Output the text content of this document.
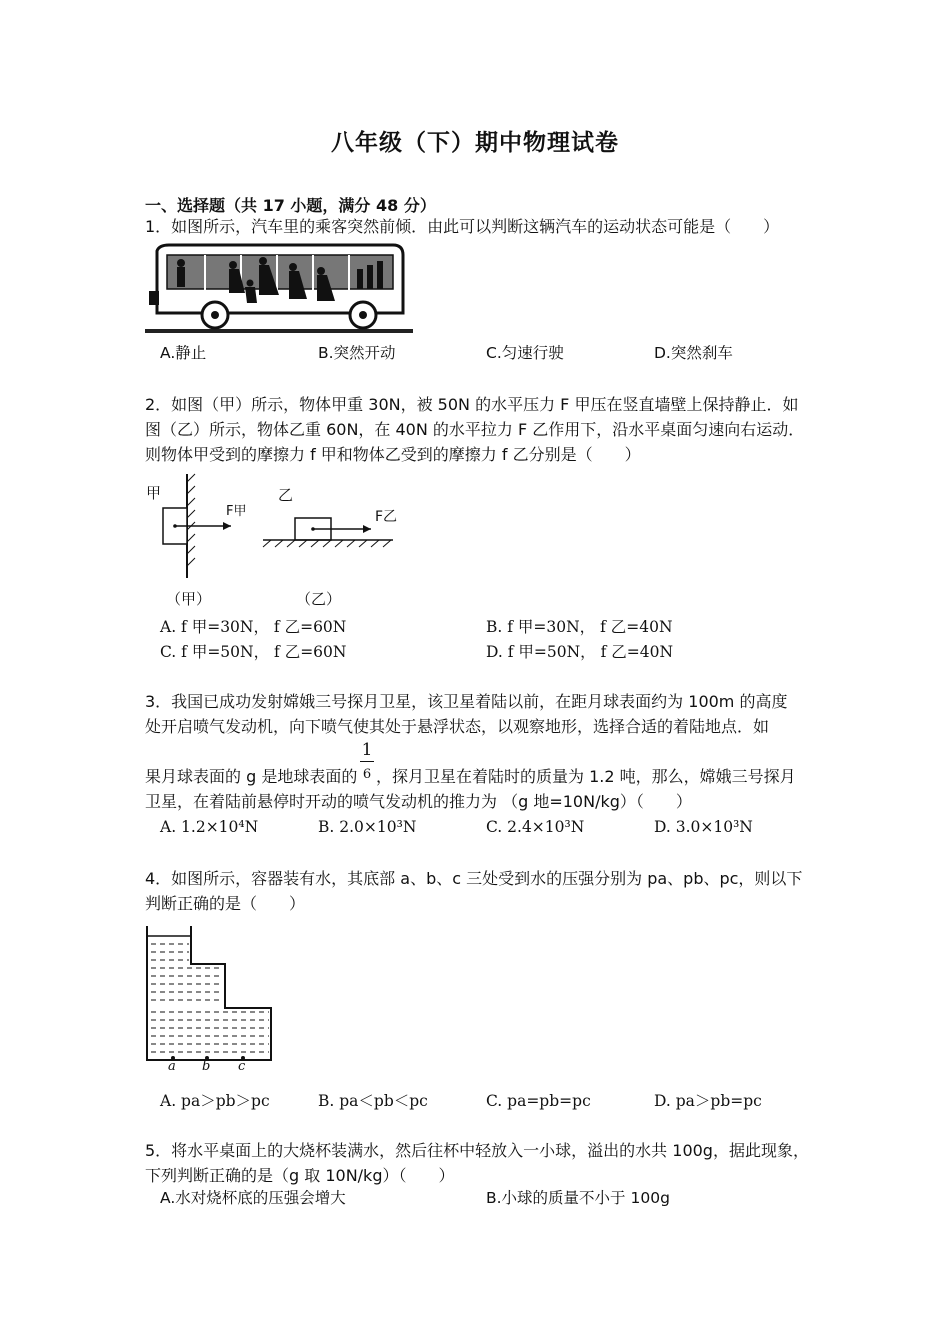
八年级（下）期中物理试卷
一、选择题（共 17 小题，满分 48 分）
1．如图所示，汽车里的乘客突然前倾．由此可以判断这辆汽车的运动状态可能是（　　）
A.静止	B.突然开动	C.匀速行驶	D.突然刹车
2．如图（甲）所示，物体甲重 30N，被 50N 的水平压力 F 甲压在竖直墙壁上保持静止．如图（乙）所示，物体乙重 60N，在 40N 的水平拉力 F 乙作用下，沿水平桌面匀速向右运动．则物体甲受到的摩擦力 f 甲和物体乙受到的摩擦力 f 乙分别是（　　）
甲	乙
F甲	F乙
（甲）	（乙）
A. f 甲=30N， f 乙=60N	B. f 甲=30N， f 乙=40N
C. f 甲=50N， f 乙=60N	D. f 甲=50N， f 乙=40N
3．我国已成功发射嫦娥三号探月卫星，该卫星着陆以前，在距月球表面约为 100m 的高度
处开启喷气发动机，向下喷气使其处于悬浮状态，以观察地形，选择合适的着陆地点．如
1
6
果月球表面的 g 是地球表面的	，探月卫星在着陆时的质量为 1.2 吨，那么，嫦娥三号探月
卫星，在着陆前悬停时开动的喷气发动机的推力为 （g 地=10N/kg）（　　）
A. 1.2×10⁴N	B. 2.0×10³N	C. 2.4×10³N	D. 3.0×10³N
4．如图所示，容器装有水，其底部 a、b、c 三处受到水的压强分别为 pa、pb、pc，则以下判断正确的是（　　）
a b c
A. pa＞pb＞pc	B. pa＜pb＜pc	C. pa=pb=pc	D. pa＞pb=pc
5．将水平桌面上的大烧杯装满水，然后往杯中轻放入一小球，溢出的水共 100g，据此现象，下列判断正确的是（g 取 10N/kg）（　　）
A.水对烧杯底的压强会增大	B.小球的质量不小于 100g
